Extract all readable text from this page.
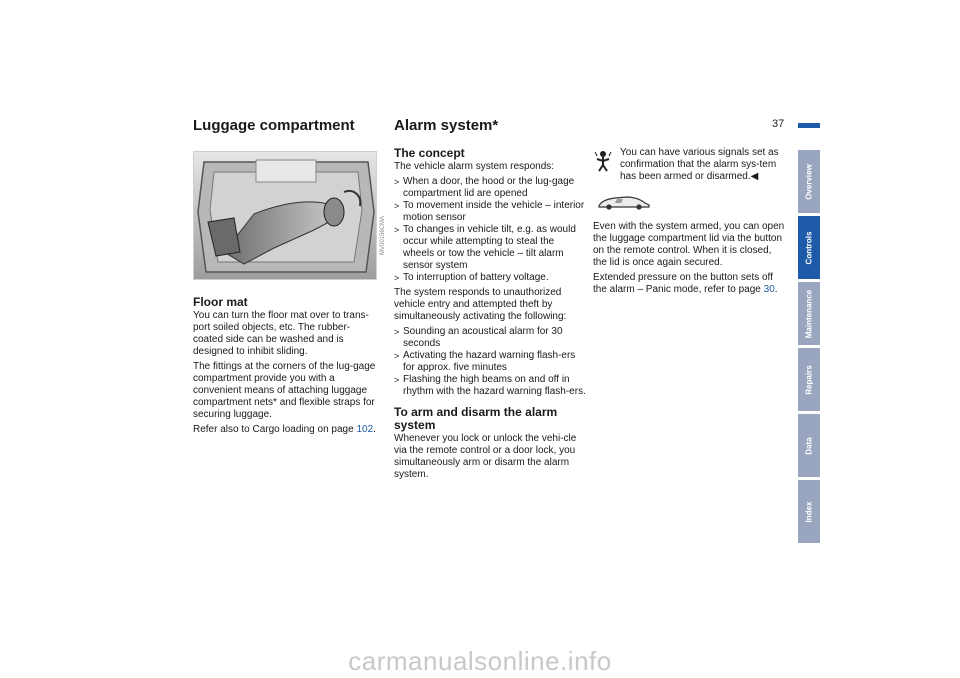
37
Luggage compartment	Alarm system*
MV00156CMA
Floor mat

You can turn the floor mat over to trans-port soiled objects, etc. The rubber-coated side can be washed and is designed to inhibit sliding.

The fittings at the corners of the lug-gage compartment provide you with a convenient means of attaching luggage compartment nets* and flexible straps for securing luggage.

Refer also to Cargo loading on page 102.

The concept

The vehicle alarm system responds:

> When a door, the hood or the lug-gage compartment lid are opened
> To movement inside the vehicle – interior motion sensor
> To changes in vehicle tilt, e.g. as would occur while attempting to steal the wheels or tow the vehicle – tilt alarm sensor system
> To interruption of battery voltage.

The system responds to unauthorized vehicle entry and attempted theft by simultaneously activating the following:

> Sounding an acoustical alarm for 30 seconds
> Activating the hazard warning flash-ers for approx. five minutes
> Flashing the high beams on and off in rhythm with the hazard warning flash-ers.
To arm and disarm the alarm system

Whenever you lock or unlock the vehi-cle via the remote control or a door lock, you simultaneously arm or disarm the alarm system.

You can have various signals set as confirmation that the alarm sys-tem has been armed or disarmed.◀

Even with the system armed, you can open the luggage compartment lid via the button on the remote control. When it is closed, the lid is once again secured.

Extended pressure on the button sets off the alarm – Panic mode, refer to page 30.

Overview
Controls
Maintenance
Repairs
Data
Index
carmanualsonline.info
